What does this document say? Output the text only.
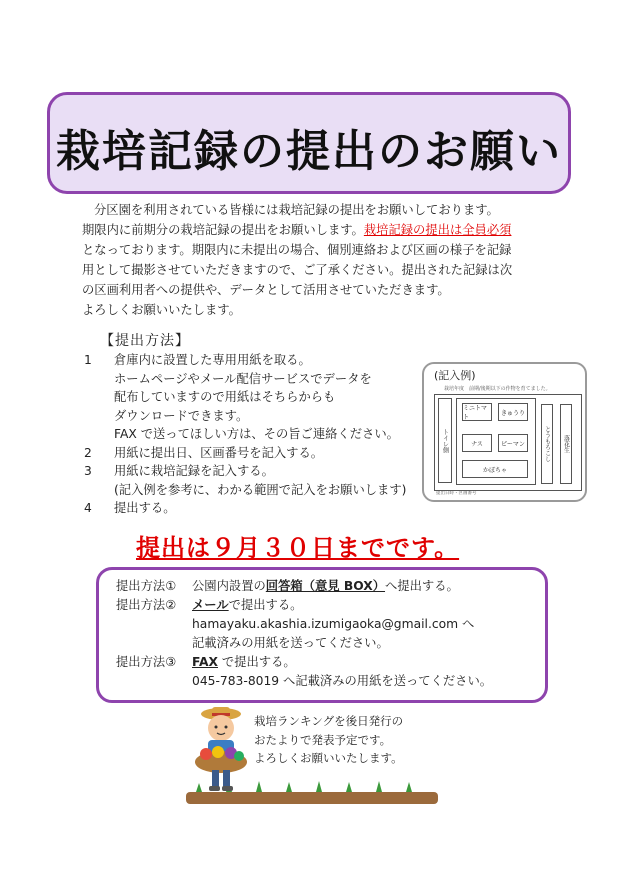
栽培記録の提出のお願い

分区園を利用されている皆様には栽培記録の提出をお願いしております。

期限内に前期分の栽培記録の提出をお願いします。栽培記録の提出は全員必須

となっております。期限内に未提出の場合、個別連絡および区画の様子を記録

用として撮影させていただきますので、ご了承ください。提出された記録は次

の区画利用者への提供や、データとして活用させていただきます。

よろしくお願いいたします。

【提出方法】
1	倉庫内に設置した専用用紙を取る。
ホームページやメール配信サービスでデータを
配布していますので用紙はそちらからも
ダウンロードできます。
FAX で送ってほしい方は、その旨ご連絡ください。
2	用紙に提出日、区画番号を記入する。
3	用紙に栽培記録を記入する。
(記入例を参考に、わかる範囲で記入をお願いします)
4	提出する。
(記入例)
栽培年度　前期/後期以下の作物を育てました。
トイレ側
ミニトマト
きゅうり
ナス	ピーマン
かぼちゃ
とうもろこし	落花生
提出日時・区画番号
提出は９月３０日までです。
提出方法①	公園内設置の回答箱（意見 BOX）へ提出する。
提出方法②	メールで提出する。
hamayaku.akashia.izumigaoka@gmail.com へ
記載済みの用紙を送ってください。
提出方法③	FAX で提出する。
045-783-8019 へ記載済みの用紙を送ってください。

栽培ランキングを後日発行の

おたよりで発表予定です。

よろしくお願いいたします。
